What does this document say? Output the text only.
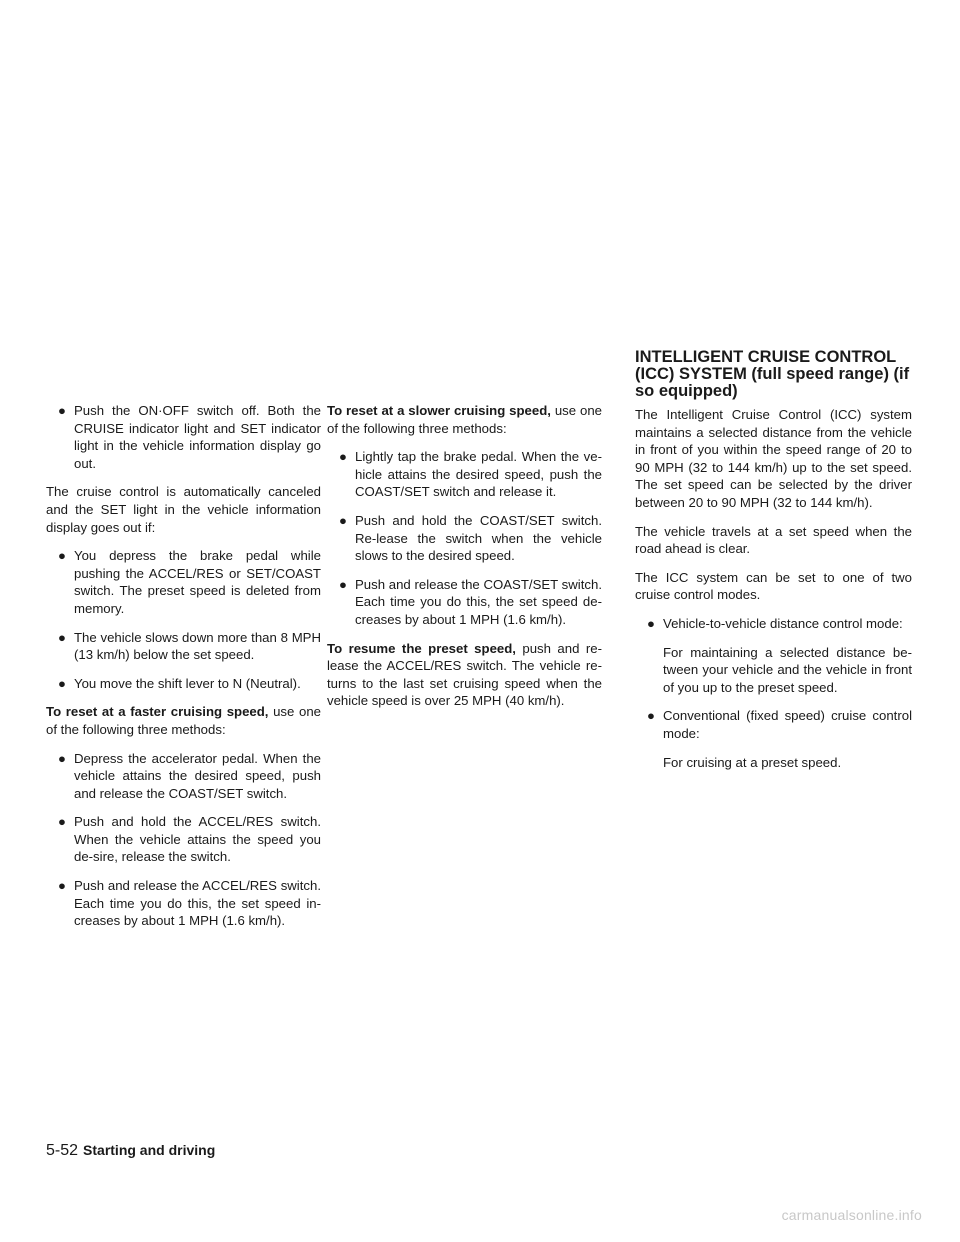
● Push the ON·OFF switch off. Both the CRUISE indicator light and SET indicator light in the vehicle information display go out.

The cruise control is automatically canceled and the SET light in the vehicle information display goes out if:

● You depress the brake pedal while pushing the ACCEL/RES or SET/COAST switch. The preset speed is deleted from memory.
● The vehicle slows down more than 8 MPH (13 km/h) below the set speed.
● You move the shift lever to N (Neutral).

To reset at a faster cruising speed, use one of the following three methods:

● Depress the accelerator pedal. When the vehicle attains the desired speed, push and release the COAST/SET switch.
● Push and hold the ACCEL/RES switch. When the vehicle attains the speed you de-sire, release the switch.
● Push and release the ACCEL/RES switch. Each time you do this, the set speed in-creases by about 1 MPH (1.6 km/h).

To reset at a slower cruising speed, use one of the following three methods:

● Lightly tap the brake pedal. When the ve-hicle attains the desired speed, push the COAST/SET switch and release it.
● Push and hold the COAST/SET switch. Re-lease the switch when the vehicle slows to the desired speed.
● Push and release the COAST/SET switch. Each time you do this, the set speed de-creases by about 1 MPH (1.6 km/h).

To resume the preset speed, push and re-lease the ACCEL/RES switch. The vehicle re-turns to the last set cruising speed when the vehicle speed is over 25 MPH (40 km/h).

INTELLIGENT CRUISE CONTROL (ICC) SYSTEM (full speed range) (if so equipped)

The Intelligent Cruise Control (ICC) system maintains a selected distance from the vehicle in front of you within the speed range of 20 to 90 MPH (32 to 144 km/h) up to the set speed. The set speed can be selected by the driver between 20 to 90 MPH (32 to 144 km/h).

The vehicle travels at a set speed when the road ahead is clear.

The ICC system can be set to one of two cruise control modes.

● Vehicle-to-vehicle distance control mode:
For maintaining a selected distance be-tween your vehicle and the vehicle in front of you up to the preset speed.
● Conventional (fixed speed) cruise control mode:
For cruising at a preset speed.
5-52 Starting and driving
carmanualsonline.info
